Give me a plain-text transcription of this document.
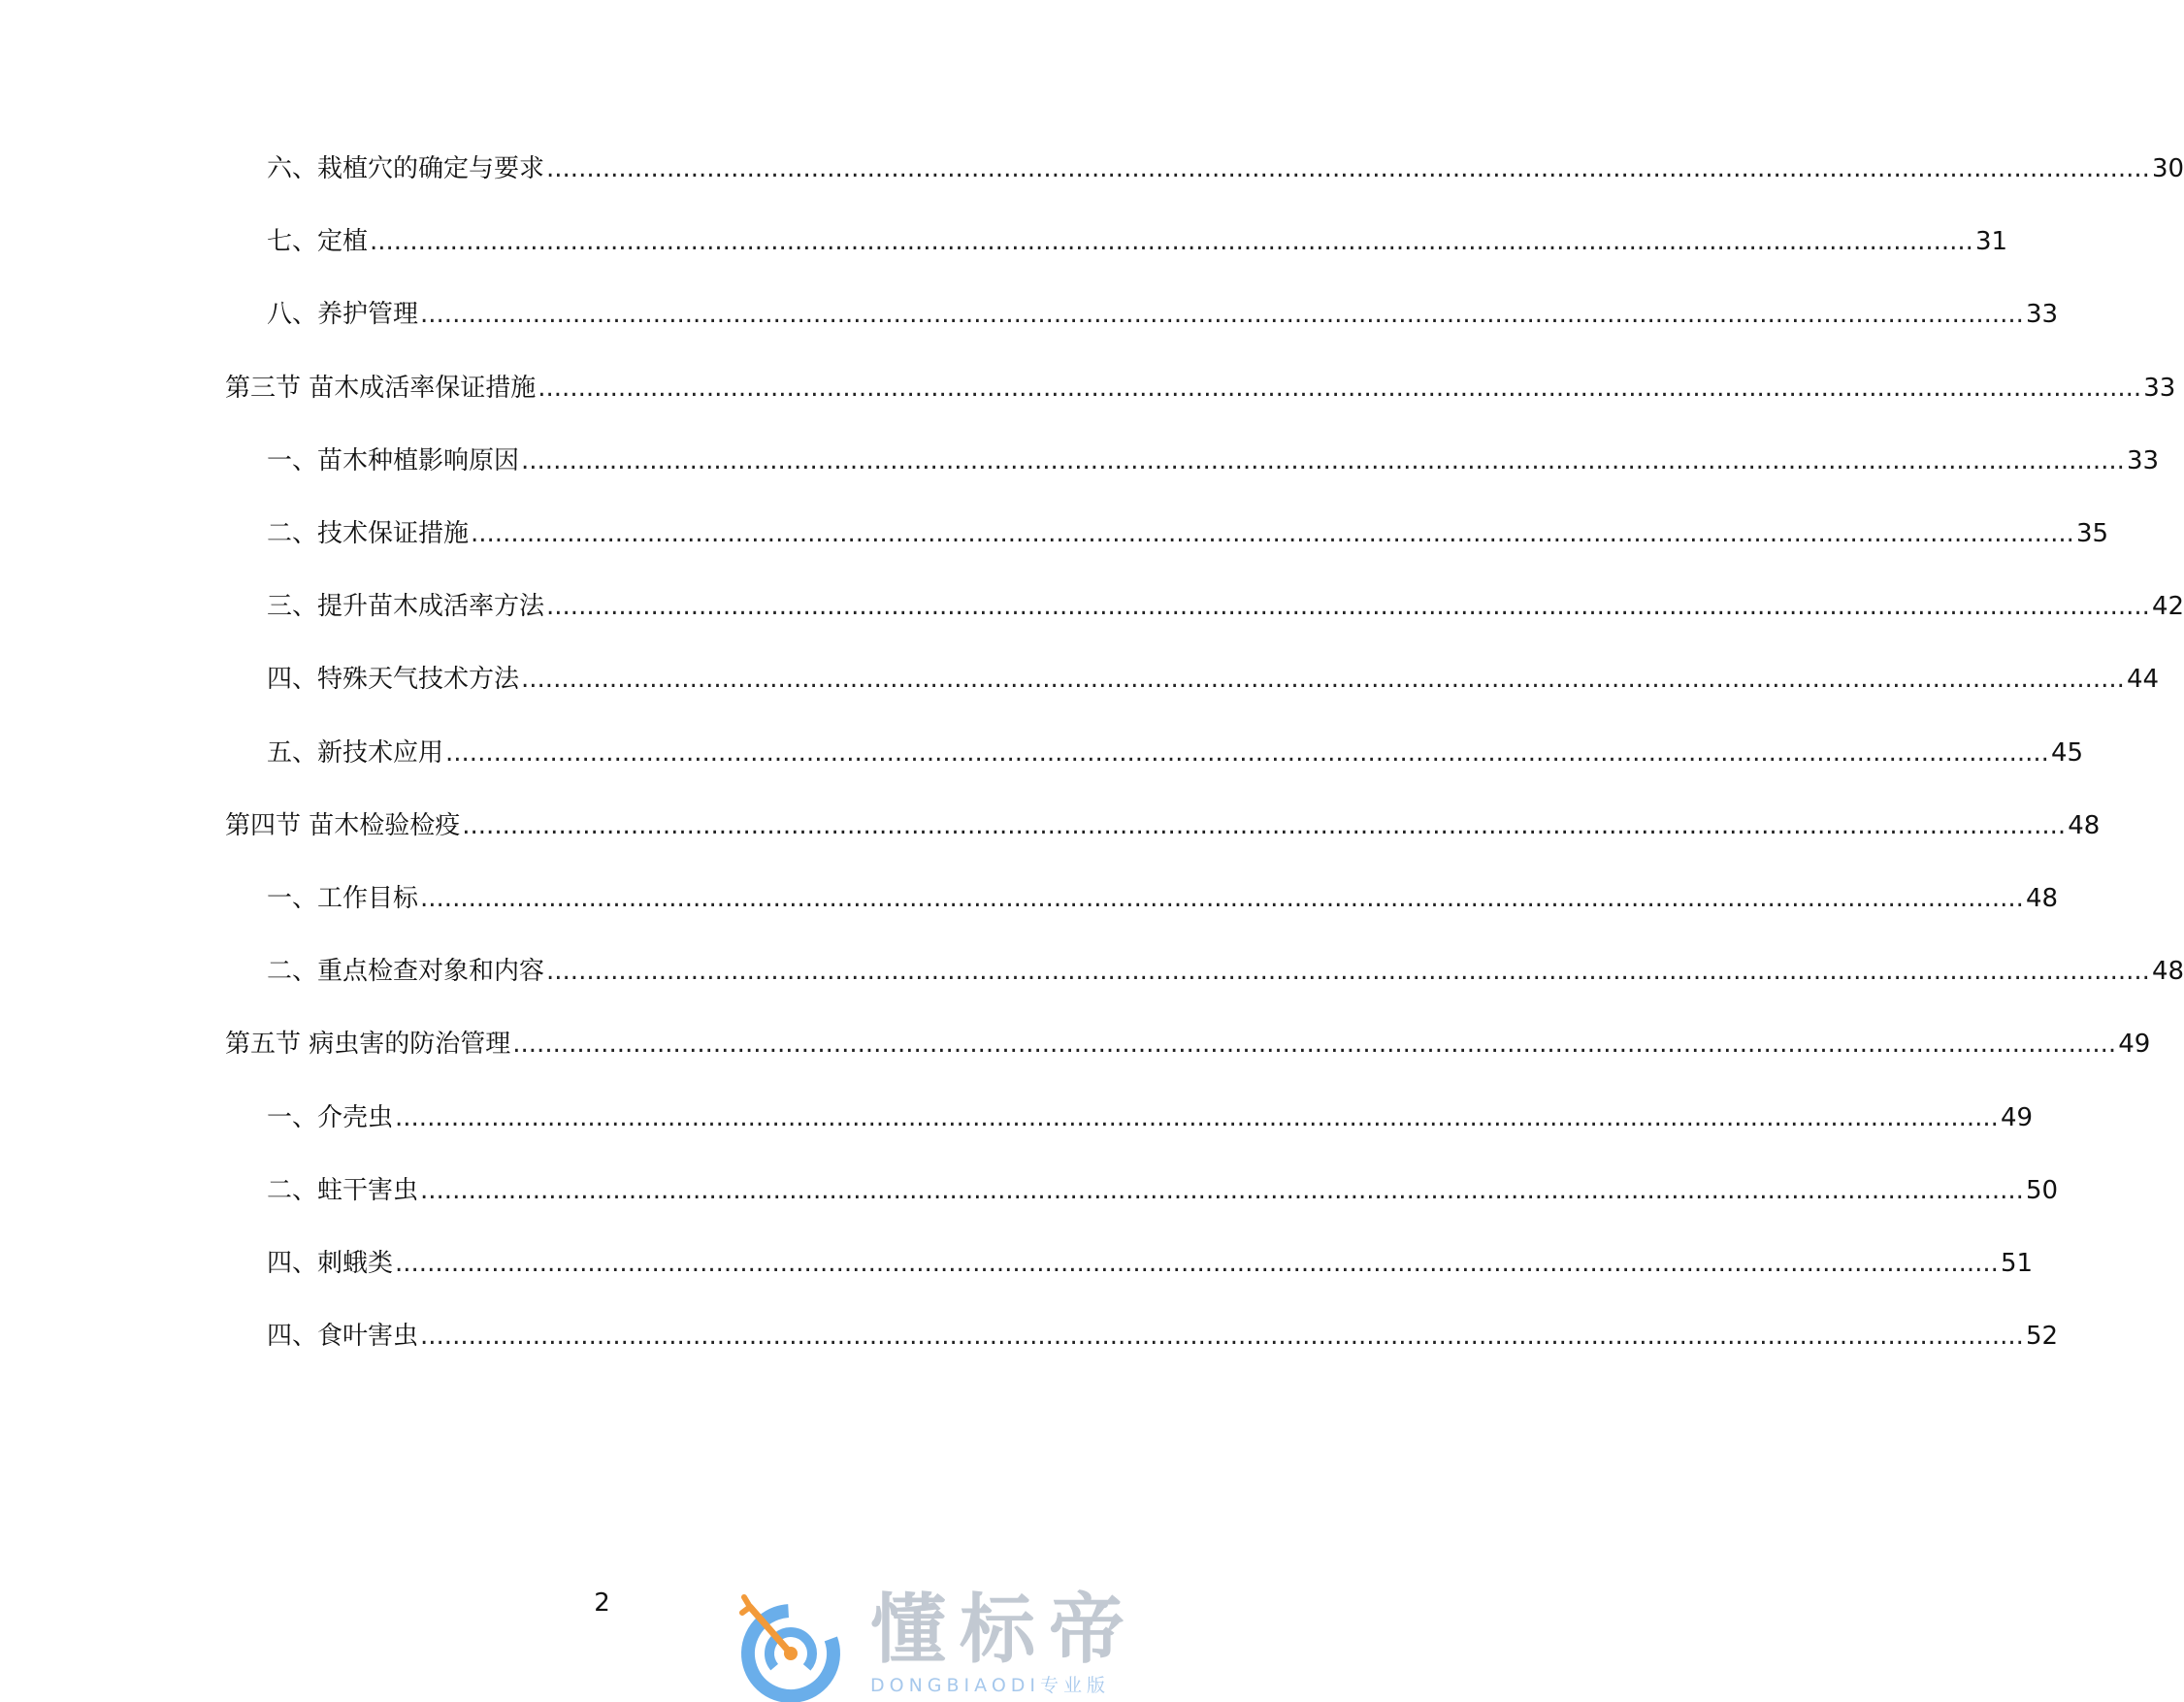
六、栽植穴的确定与要求 ........................................................................................................................................................................................................ 30
七、定植 ........................................................................................................................................................................................................ 31
八、养护管理 ........................................................................................................................................................................................................ 33
第三节 苗木成活率保证措施 ........................................................................................................................................................................................................ 33
一、苗木种植影响原因 ........................................................................................................................................................................................................ 33
二、技术保证措施 ........................................................................................................................................................................................................ 35
三、提升苗木成活率方法 ........................................................................................................................................................................................................ 42
四、特殊天气技术方法 ........................................................................................................................................................................................................ 44
五、新技术应用 ........................................................................................................................................................................................................ 45
第四节 苗木检验检疫 ........................................................................................................................................................................................................ 48
一、工作目标 ........................................................................................................................................................................................................ 48
二、重点检查对象和内容 ........................................................................................................................................................................................................ 48
第五节 病虫害的防治管理 ........................................................................................................................................................................................................ 49
一、介壳虫 ........................................................................................................................................................................................................ 49
二、蛀干害虫 ........................................................................................................................................................................................................ 50
四、刺蛾类 ........................................................................................................................................................................................................ 51
四、食叶害虫 ........................................................................................................................................................................................................ 52
2	懂标帝
DONGBIAODI专业版
